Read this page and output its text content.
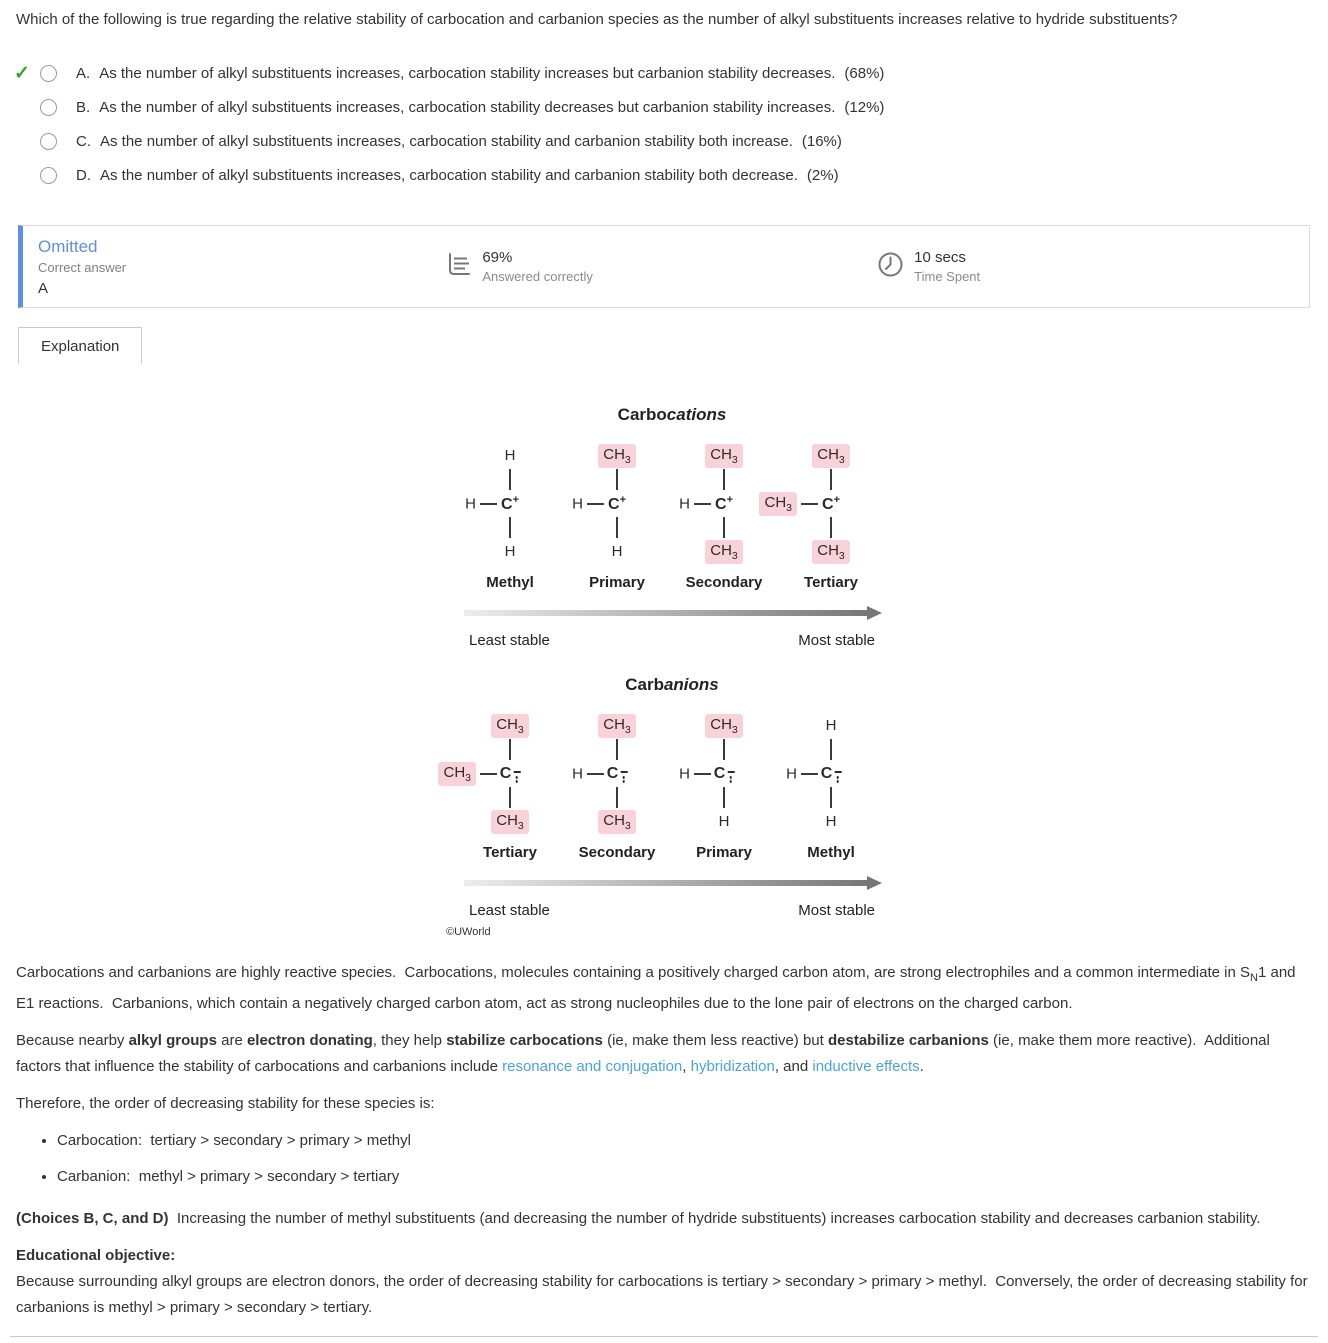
Which of the following is true regarding the relative stability of carbocation and carbanion species as the number of alkyl substituents increases relative to hydride substituents?

✓	A. As the number of alkyl substituents increases, carbocation stability increases but carbanion stability decreases. (68%)
B. As the number of alkyl substituents increases, carbocation stability decreases but carbanion stability increases. (12%)
C. As the number of alkyl substituents increases, carbocation stability and carbanion stability both increase. (16%)
D. As the number of alkyl substituents increases, carbocation stability and carbanion stability both decrease. (2%)
Omitted
Correct answer
A
69%
Answered correctly
10 secs
Time Spent
Explanation
Carbocations
H
H C+
H
Methyl
$CH_3$
H C+
H
Primary
$CH_3$
H C+
$CH_3$
Secondary
$CH_3$
$CH_3$	C+
$CH_3$
Tertiary
Least stable	Most stable
Carbanions
$CH_3$
$CH_3$	C
$CH_3$
Tertiary
$CH_3$
H C
$CH_3$
Secondary
$CH_3$
H C
H
Primary
H
H C
H
Methyl
Least stable	Most stable
©UWorld

Carbocations and carbanions are highly reactive species.  Carbocations, molecules containing a positively charged carbon atom, are strong electrophiles and a common intermediate in $S_N1$ and E1 reactions.  Carbanions, which contain a negatively charged carbon atom, act as strong nucleophiles due to the lone pair of electrons on the charged carbon.

Because nearby alkyl groups are electron donating, they help stabilize carbocations (ie, make them less reactive) but destabilize carbanions (ie, make them more reactive).  Additional factors that influence the stability of carbocations and carbanions include resonance and conjugation, hybridization, and inductive effects.

Therefore, the order of decreasing stability for these species is:

• Carbocation:  tertiary > secondary > primary > methyl
• Carbanion:  methyl > primary > secondary > tertiary

(Choices B, C, and D)  Increasing the number of methyl substituents (and decreasing the number of hydride substituents) increases carbocation stability and decreases carbanion stability.

Educational objective:

Because surrounding alkyl groups are electron donors, the order of decreasing stability for carbocations is tertiary > secondary > primary > methyl.  Conversely, the order of decreasing stability for carbanions is methyl > primary > secondary > tertiary.
